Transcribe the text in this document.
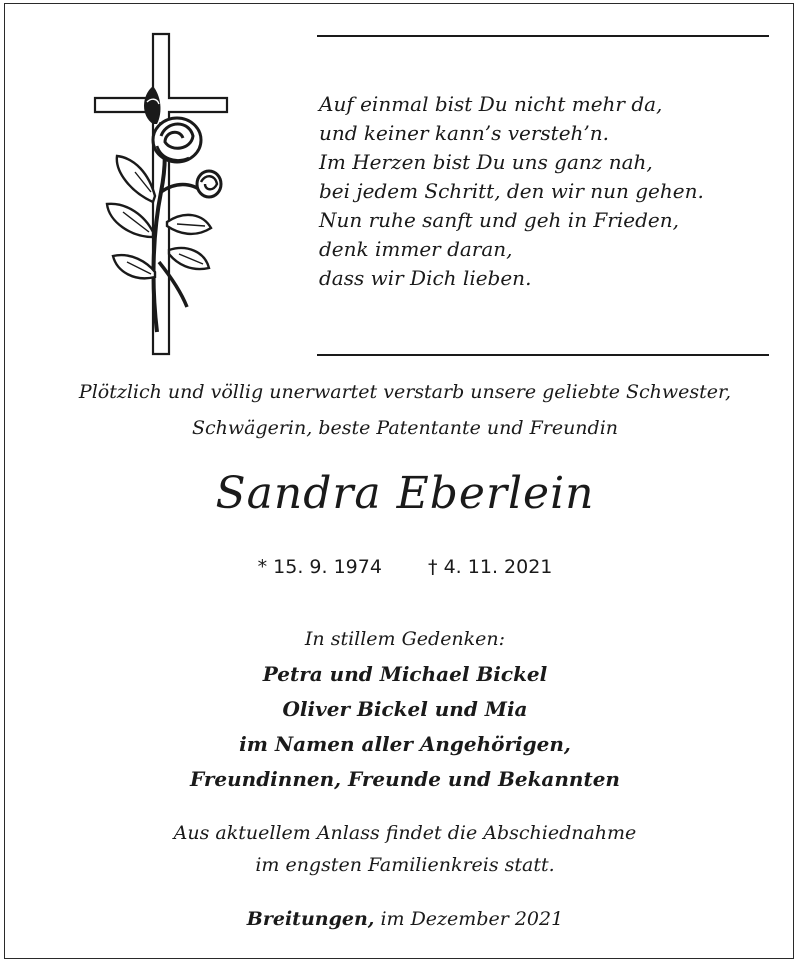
Auf einmal bist Du nicht mehr da,
und keiner kann’s versteh’n.
Im Herzen bist Du uns ganz nah,
bei jedem Schritt, den wir nun gehen.
Nun ruhe sanft und geh in Frieden,
denk immer daran,
dass wir Dich lieben.
Plötzlich und völlig unerwartet verstarb unsere geliebte Schwester,
Schwägerin, beste Patentante und Freundin
Sandra Eberlein
* 15. 9. 1974 † 4. 11. 2021
In stillem Gedenken:
Petra und Michael Bickel
Oliver Bickel und Mia
im Namen aller Angehörigen,
Freundinnen, Freunde und Bekannten
Aus aktuellem Anlass findet die Abschiednahme
im engsten Familienkreis statt.
Breitungen, im Dezember 2021
